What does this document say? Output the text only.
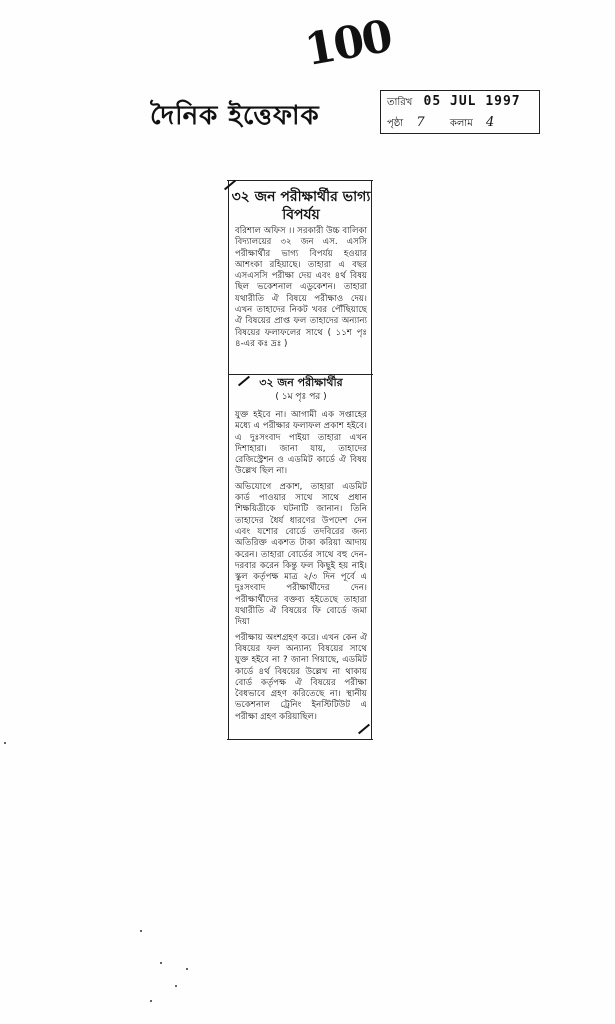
100
দৈনিক ইত্তেফাক	তারিখ 05 JUL 1997
পৃষ্ঠা 7	কলাম 4
৩২ জন পরীক্ষার্থীর ভাগ্য বিপর্যয়
বরিশাল অফিস ।। সরকারী উচ্চ বালিকা বিদ্যালয়ের ৩২ জন এস. এসসি পরীক্ষার্থীর ভাগ্য বিপর্যয় হওয়ার আশংকা রহিয়াছে। তাহারা এ বছর এসএসসি পরীক্ষা দেয় এবং ৪র্থ বিষয় ছিল ভকেশনাল এডুকেশন। তাহারা যথারীতি ঐ বিষয়ে পরীক্ষাও দেয়। এখন তাহাদের নিকট খবর পৌঁছিয়াছে ঐ বিষয়ের প্রাপ্ত ফল তাহাদের অন্যান্য বিষয়ের ফলাফলের সাথে ( ১১শ পৃঃ ৪-এর কঃ দ্রঃ )
৩২ জন পরীক্ষার্থীর
( ১ম পৃঃ পর )

যুক্ত হইবে না। আগামী এক সপ্তাহের মধ্যে এ পরীক্ষার ফলাফল প্রকাশ হইবে। এ দুঃসংবাদ পাইয়া তাহারা এখন দিশাহারা। জানা যায়, তাহাদের রেজিস্ট্রেশন ও এডমিট কার্ডে ঐ বিষয় উল্লেখ ছিল না।

অভিযোগে প্রকাশ, তাহারা এডমিট কার্ড পাওয়ার সাথে সাথে প্রধান শিক্ষয়িত্রীকে ঘটনাটি জানান। তিনি তাহাদের ধৈর্য ধারণের উপদেশ দেন এবং যশোর বোর্ডে তদবিরের জন্য অতিরিক্ত একশত টাকা করিয়া আদায় করেন। তাহারা বোর্ডের সাথে বহু দেন-দরবার করেন কিন্তু ফল কিছুই হয় নাই। স্কুল কর্তৃপক্ষ মাত্র ২/৩ দিন পূর্বে এ দুঃসংবাদ পরীক্ষার্থীদের দেন। পরীক্ষার্থীদের বক্তব্য হইতেছে তাহারা যথারীতি ঐ বিষয়ের ফি বোর্ডে জমা দিয়া

পরীক্ষায় অংশগ্রহণ করে। এখন কেন ঐ বিষয়ের ফল অন্যান্য বিষয়ের সাথে যুক্ত হইবে না ? জানা গিয়াছে, এডমিট কার্ডে ৪র্থ বিষয়ের উল্লেখ না থাকায় বোর্ড কর্তৃপক্ষ ঐ বিষয়ের পরীক্ষা বৈধভাবে গ্রহণ করিতেছে না। স্থানীয় ভকেশনাল ট্রেনিং ইনস্টিটিউট এ পরীক্ষা গ্রহণ করিয়াছিল।
